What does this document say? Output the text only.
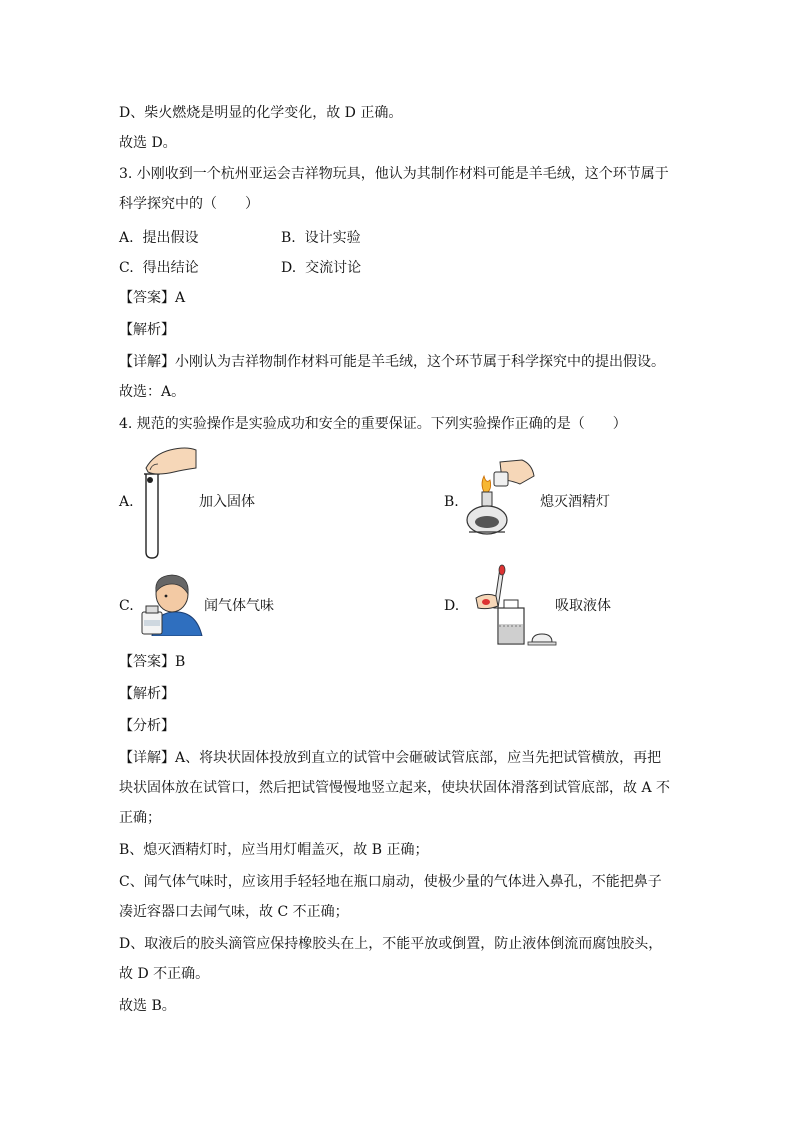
D、柴火燃烧是明显的化学变化，故 D 正确。
故选 D。
3. 小刚收到一个杭州亚运会吉祥物玩具，他认为其制作材料可能是羊毛绒，这个环节属于
科学探究中的（　　）
A. 提出假设	B. 设计实验
C. 得出结论	D. 交流讨论
【答案】A
【解析】
【详解】小刚认为吉祥物制作材料可能是羊毛绒，这个环节属于科学探究中的提出假设。
故选：A。
4. 规范的实验操作是实验成功和安全的重要保证。下列实验操作正确的是（　　）
A.	加入固体	B.	熄灭酒精灯
C.	闻气体气味	D.	吸取液体
【答案】B
【解析】
【分析】
【详解】A、将块状固体投放到直立的试管中会砸破试管底部，应当先把试管横放，再把
块状固体放在试管口，然后把试管慢慢地竖立起来，使块状固体滑落到试管底部，故 A 不
正确；
B、熄灭酒精灯时，应当用灯帽盖灭，故 B 正确；
C、闻气体气味时，应该用手轻轻地在瓶口扇动，使极少量的气体进入鼻孔，不能把鼻子
凑近容器口去闻气味，故 C 不正确；
D、取液后的胶头滴管应保持橡胶头在上，不能平放或倒置，防止液体倒流而腐蚀胶头，
故 D 不正确。
故选 B。
